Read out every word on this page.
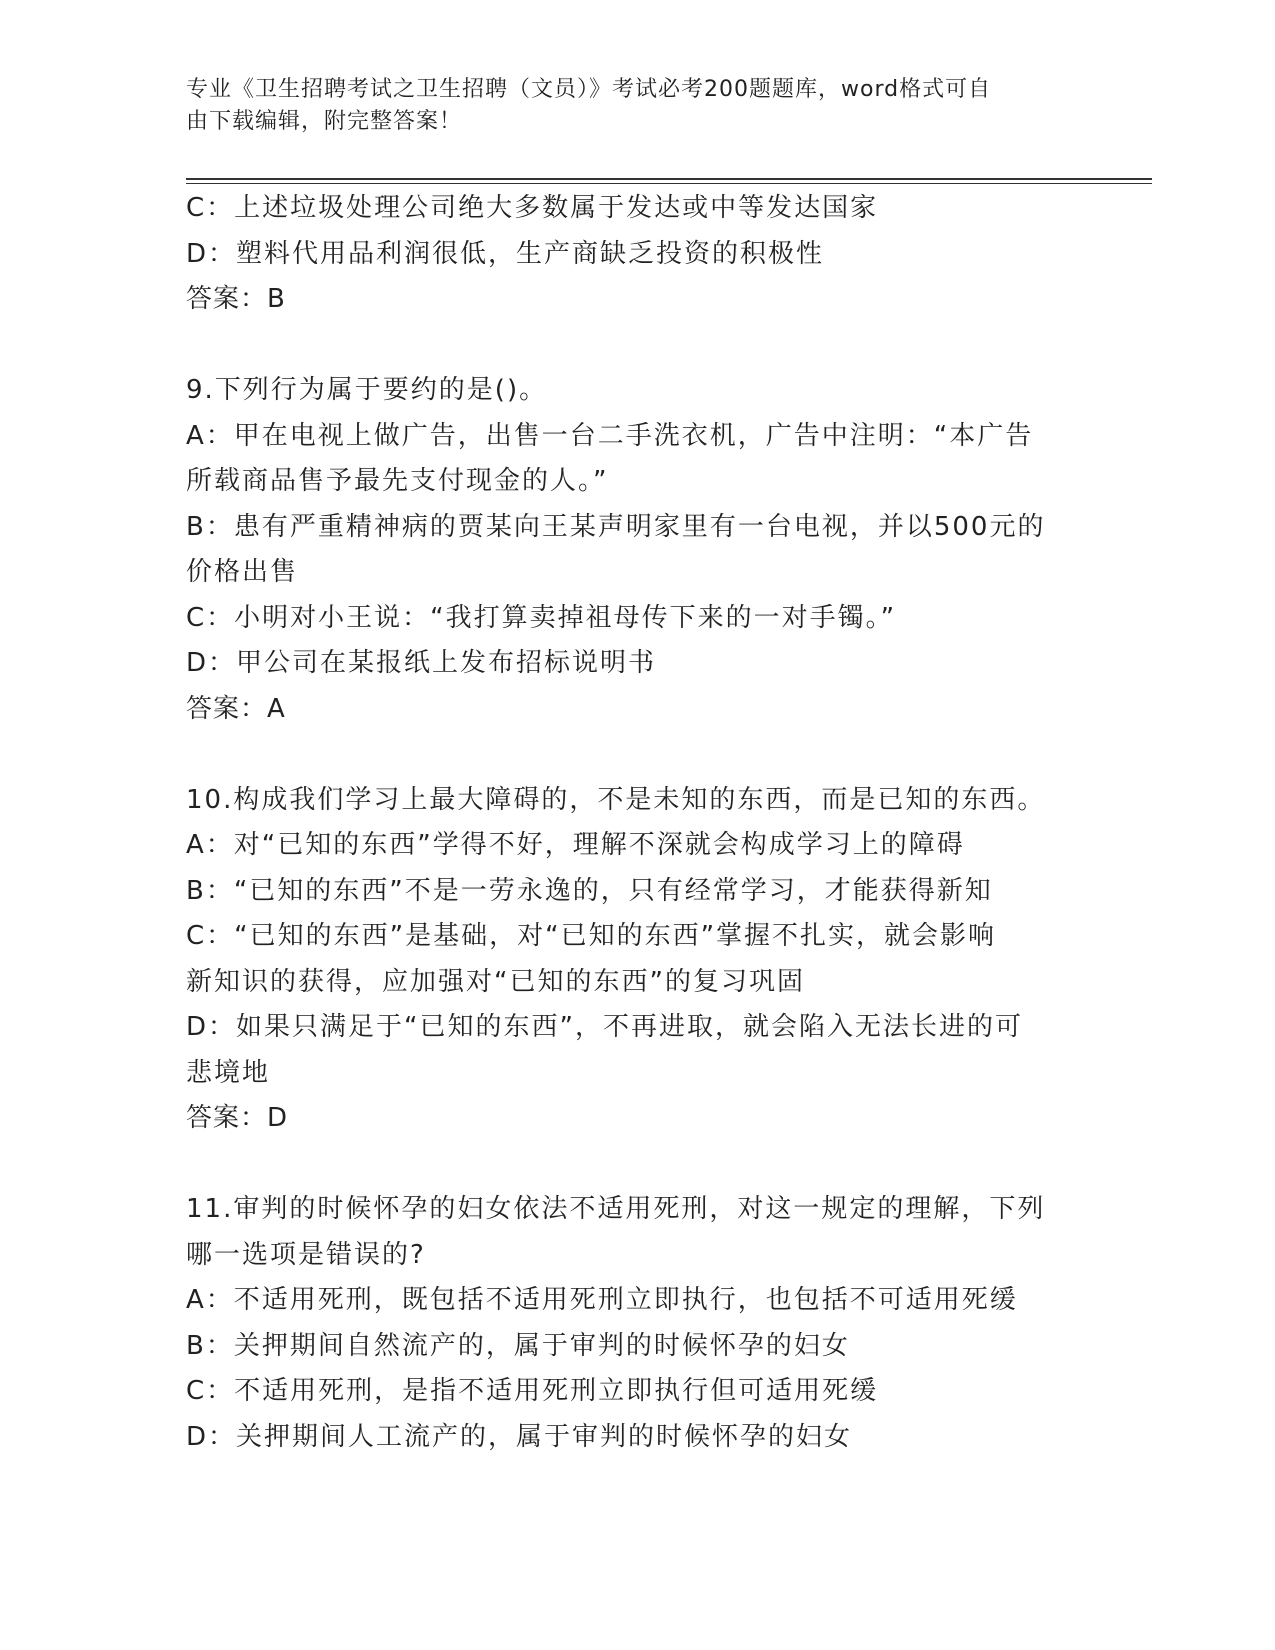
专业《卫生招聘考试之卫生招聘（文员）》考试必考200题题库，word格式可自
由下载编辑，附完整答案！

C：上述垃圾处理公司绝大多数属于发达或中等发达国家

D：塑料代用品利润很低，生产商缺乏投资的积极性

答案：B

9.下列行为属于要约的是()。

A：甲在电视上做广告，出售一台二手洗衣机，广告中注明：“本广告

所载商品售予最先支付现金的人。”

B：患有严重精神病的贾某向王某声明家里有一台电视，并以500元的

价格出售

C：小明对小王说：“我打算卖掉祖母传下来的一对手镯。”

D：甲公司在某报纸上发布招标说明书

答案：A

10.构成我们学习上最大障碍的，不是未知的东西，而是已知的东西。

A：对“已知的东西”学得不好，理解不深就会构成学习上的障碍

B：“已知的东西”不是一劳永逸的，只有经常学习，才能获得新知

C：“已知的东西”是基础，对“已知的东西”掌握不扎实，就会影响

新知识的获得，应加强对“已知的东西”的复习巩固

D：如果只满足于“已知的东西”，不再进取，就会陷入无法长进的可

悲境地

答案：D

11.审判的时候怀孕的妇女依法不适用死刑，对这一规定的理解，下列

哪一选项是错误的?

A：不适用死刑，既包括不适用死刑立即执行，也包括不可适用死缓

B：关押期间自然流产的，属于审判的时候怀孕的妇女

C：不适用死刑，是指不适用死刑立即执行但可适用死缓

D：关押期间人工流产的，属于审判的时候怀孕的妇女
